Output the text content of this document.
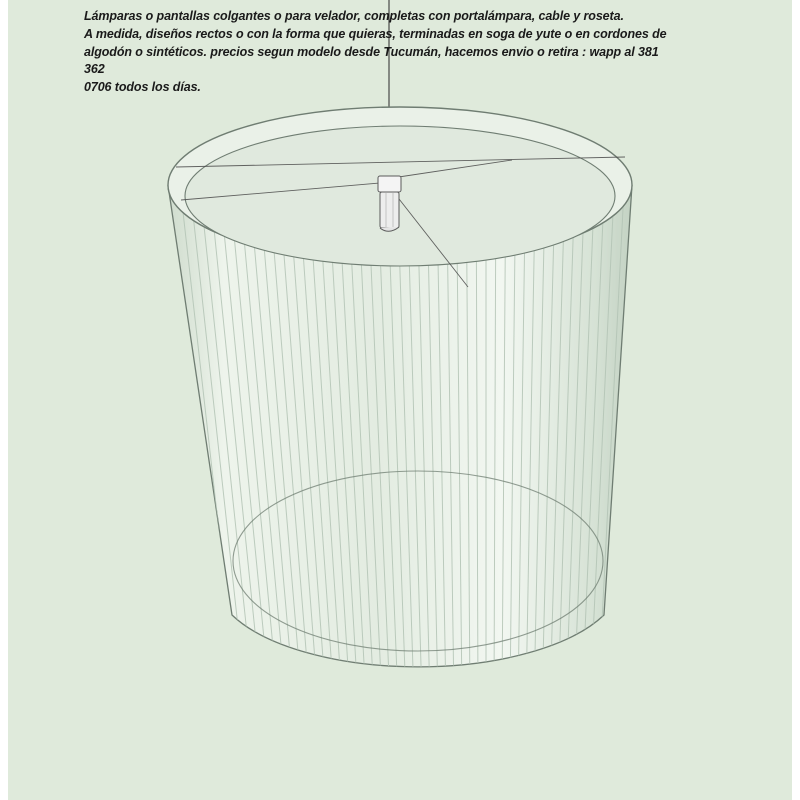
Lámparas o pantallas colgantes o para velador, completas con portalámpara, cable y roseta.

A medida, diseños rectos o con la forma que quieras, terminadas en soga de yute o en cordones de

algodón o sintéticos. precios segun modelo desde Tucumán, hacemos envio o retira : wapp al 381

362

0706 todos los días.
